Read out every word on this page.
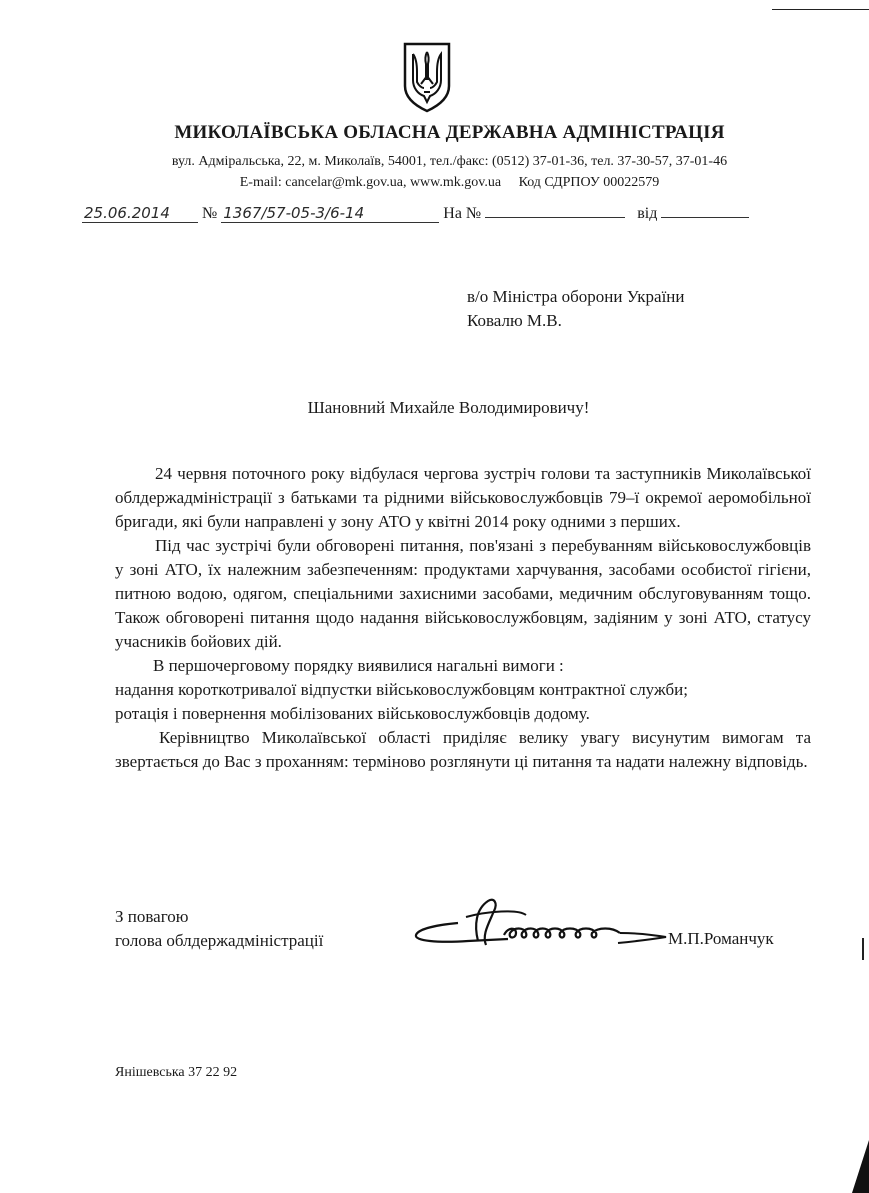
МИКОЛАЇВСЬКА ОБЛАСНА ДЕРЖАВНА АДМІНІСТРАЦІЯ
вул. Адміральська, 22, м. Миколаїв, 54001, тел./факс: (0512) 37-01-36, тел. 37-30-57, 37-01-46
E-mail: canсelar@mk.gov.ua, www.mk.gov.ua Код СДРПОУ 00022579
25.06.2014 № 1367/57-05-3/6-14	На №	від
в/о Міністра оборони України
Ковалю М.В.
Шановний Михайле Володимировичу!

24 червня поточного року відбулася чергова зустріч голови та заступників Миколаївської облдержадміністрації з батьками та рідними військовослужбовців 79–ї окремої аеромобільної бригади, які були направлені у зону АТО у квітні 2014 року одними з перших.

Під час зустрічі були обговорені питання, пов'язані з перебуванням військовослужбовців у зоні АТО, їх належним забезпеченням: продуктами харчування, засобами особистої гігієни, питною водою, одягом, спеціальними захисними засобами, медичним обслуговуванням тощо. Також обговорені питання щодо надання військовослужбовцям, задіяним у зоні АТО, статусу учасників бойових дій.

В першочерговому порядку виявилися нагальні вимоги :

надання короткотривалої відпустки військовослужбовцям контрактної служби;

ротація і повернення мобілізованих військовослужбовців додому.

Керівництво Миколаївської області приділяє велику увагу висунутим вимогам та звертається до Вас з проханням: терміново розглянути ці питання та надати належну відповідь.

З повагою
голова облдержадміністрації	М.П.Романчук
Янішевська 37 22 92
